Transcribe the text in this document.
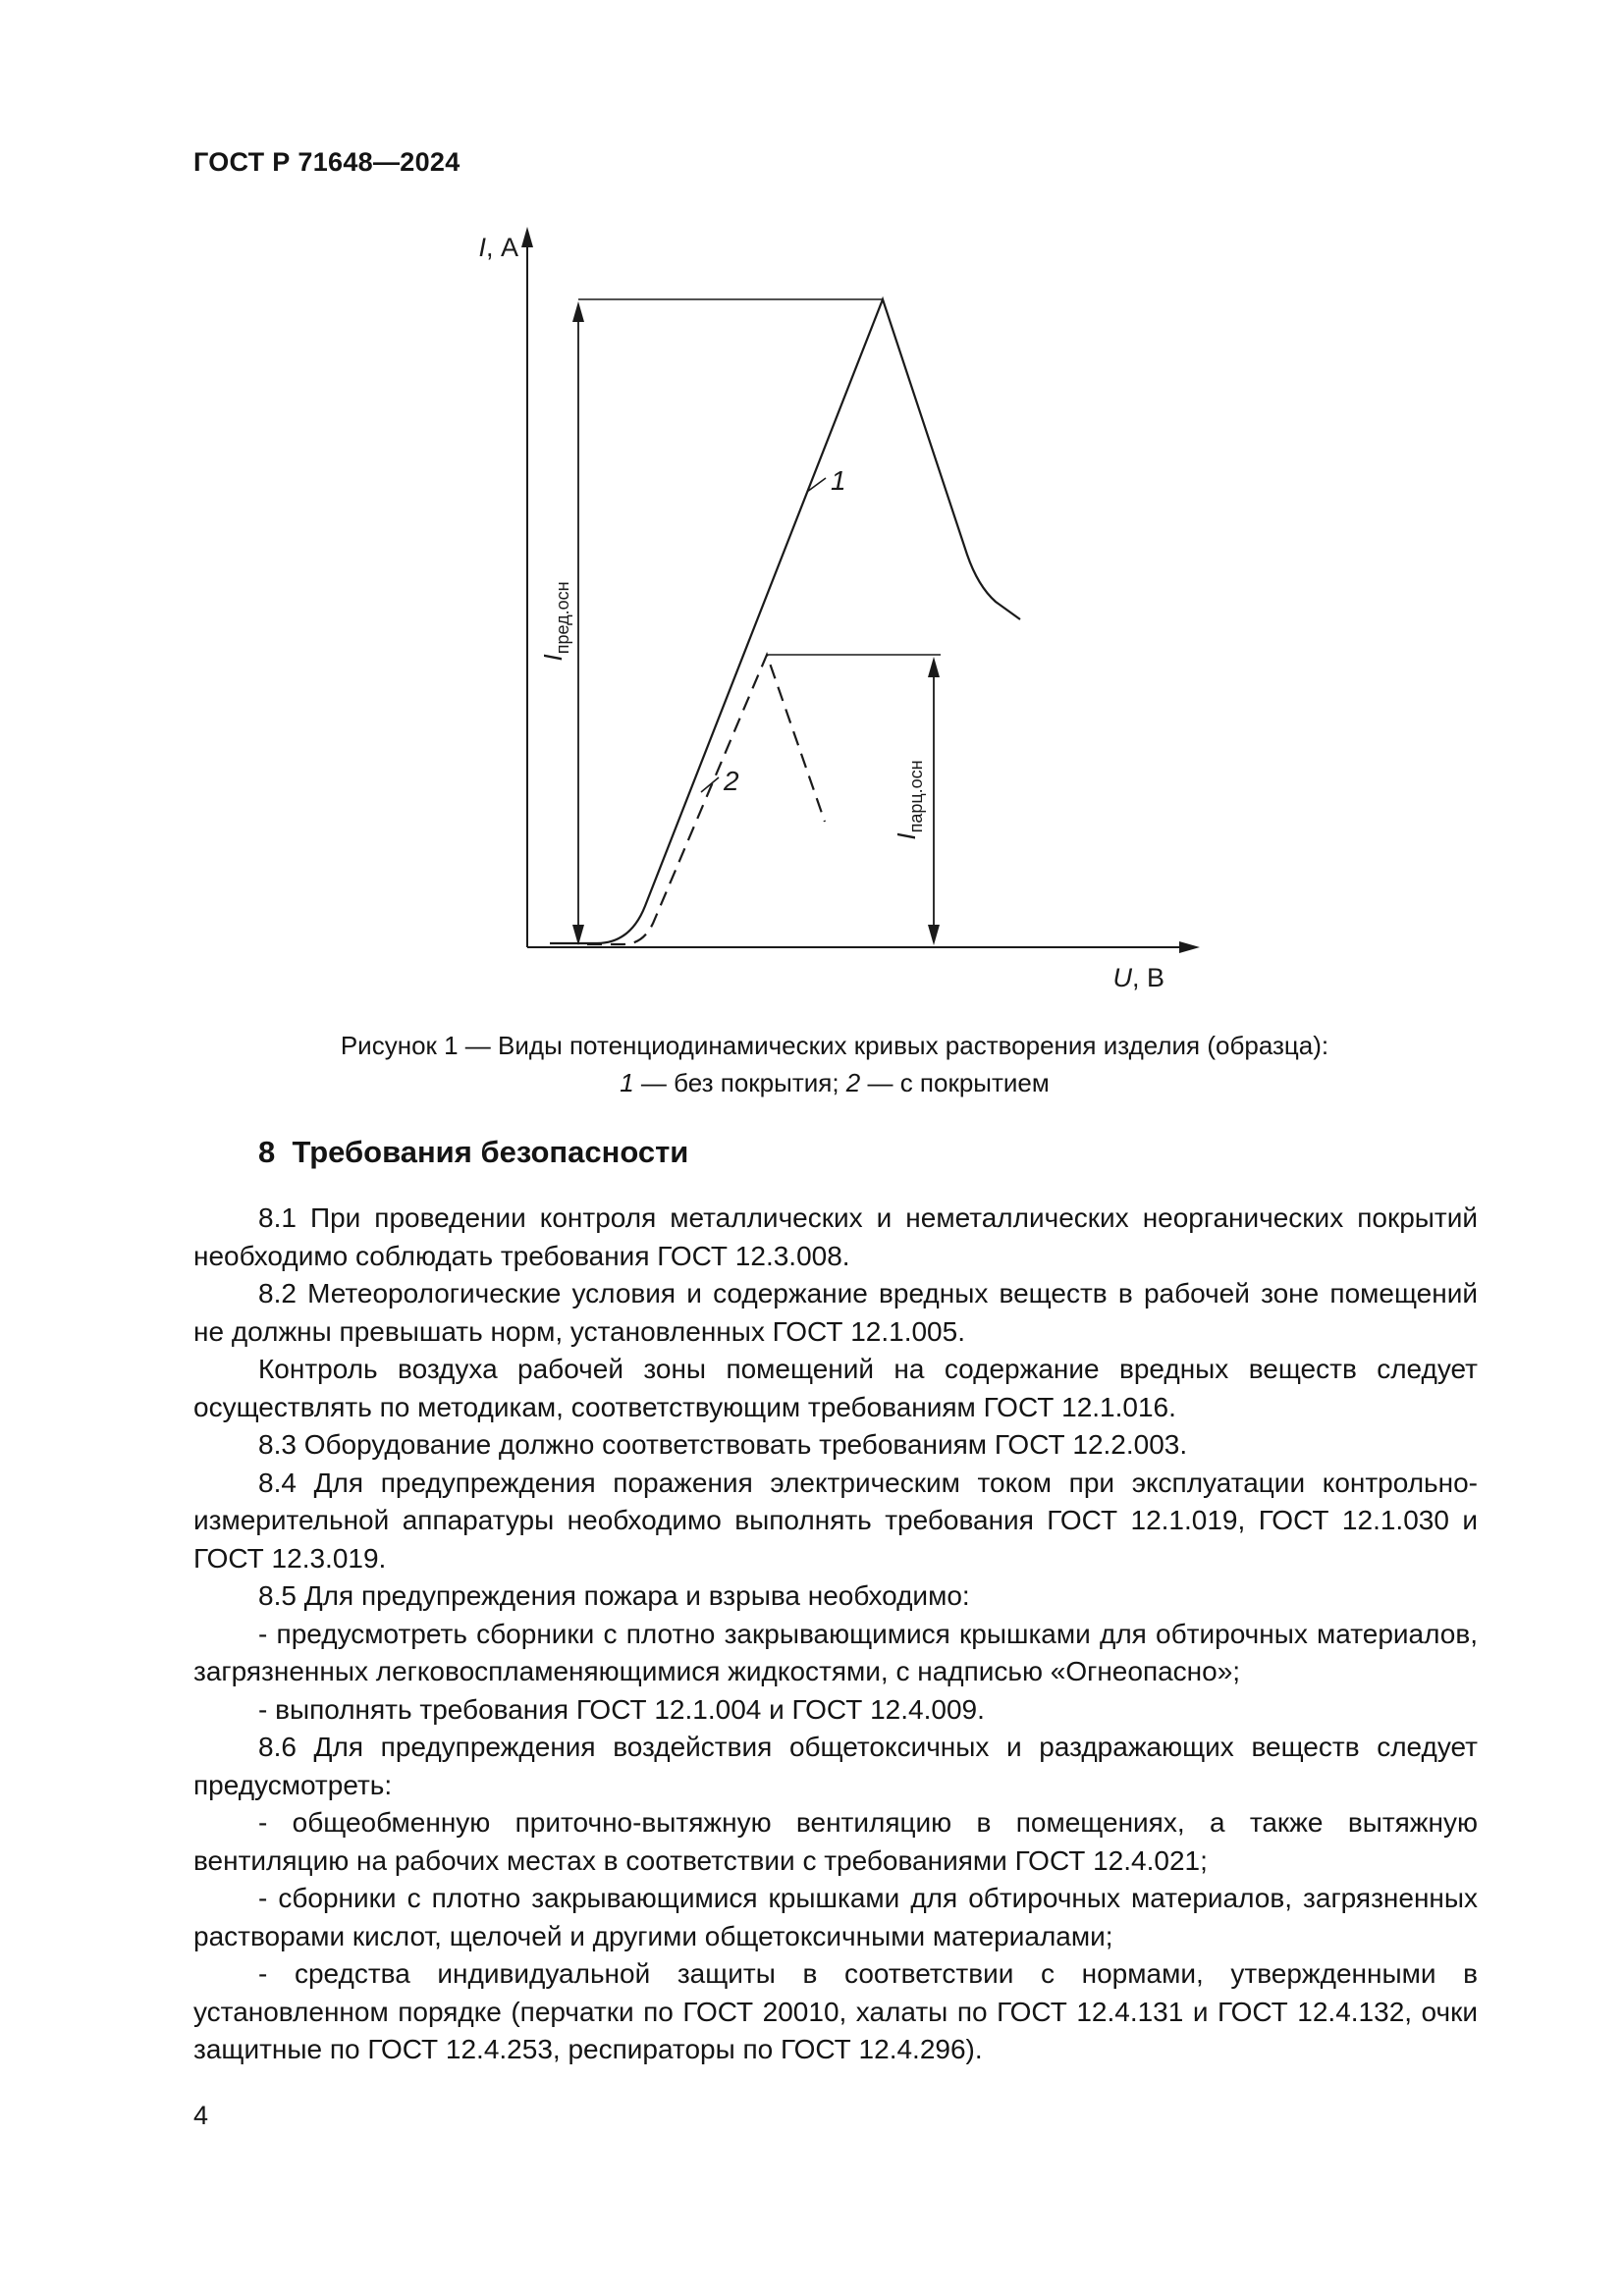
ГОСТ Р 71648—2024
I, А
U, В
$I_{пред.осн}$
$I_{парц.осн}$
1
2
Рисунок 1 — Виды потенциодинамических кривых растворения изделия (образца):
1 — без покрытия; 2 — с покрытием
8  Требования безопасности

8.1 При проведении контроля металлических и неметаллических неорганических покрытий необходимо соблюдать требования ГОСТ 12.3.008.

8.2 Метеорологические условия и содержание вредных веществ в рабочей зоне помещений не должны превышать норм, установленных ГОСТ 12.1.005.

Контроль воздуха рабочей зоны помещений на содержание вредных веществ следует осуществлять по методикам, соответствующим требованиям ГОСТ 12.1.016.

8.3 Оборудование должно соответствовать требованиям ГОСТ 12.2.003.

8.4 Для предупреждения поражения электрическим током при эксплуатации контрольно-измерительной аппаратуры необходимо выполнять требования ГОСТ 12.1.019, ГОСТ 12.1.030 и ГОСТ 12.3.019.

8.5 Для предупреждения пожара и взрыва необходимо:

- предусмотреть сборники с плотно закрывающимися крышками для обтирочных материалов, загрязненных легковоспламеняющимися жидкостями, с надписью «Огнеопасно»;

- выполнять требования ГОСТ 12.1.004 и ГОСТ 12.4.009.

8.6 Для предупреждения воздействия общетоксичных и раздражающих веществ следует предусмотреть:

- общеобменную приточно-вытяжную вентиляцию в помещениях, а также вытяжную вентиляцию на рабочих местах в соответствии с требованиями ГОСТ 12.4.021;

- сборники с плотно закрывающимися крышками для обтирочных материалов, загрязненных растворами кислот, щелочей и другими общетоксичными материалами;

- средства индивидуальной защиты в соответствии с нормами, утвержденными в установленном порядке (перчатки по ГОСТ 20010, халаты по ГОСТ 12.4.131 и ГОСТ 12.4.132, очки защитные по ГОСТ 12.4.253, респираторы по ГОСТ 12.4.296).

4
